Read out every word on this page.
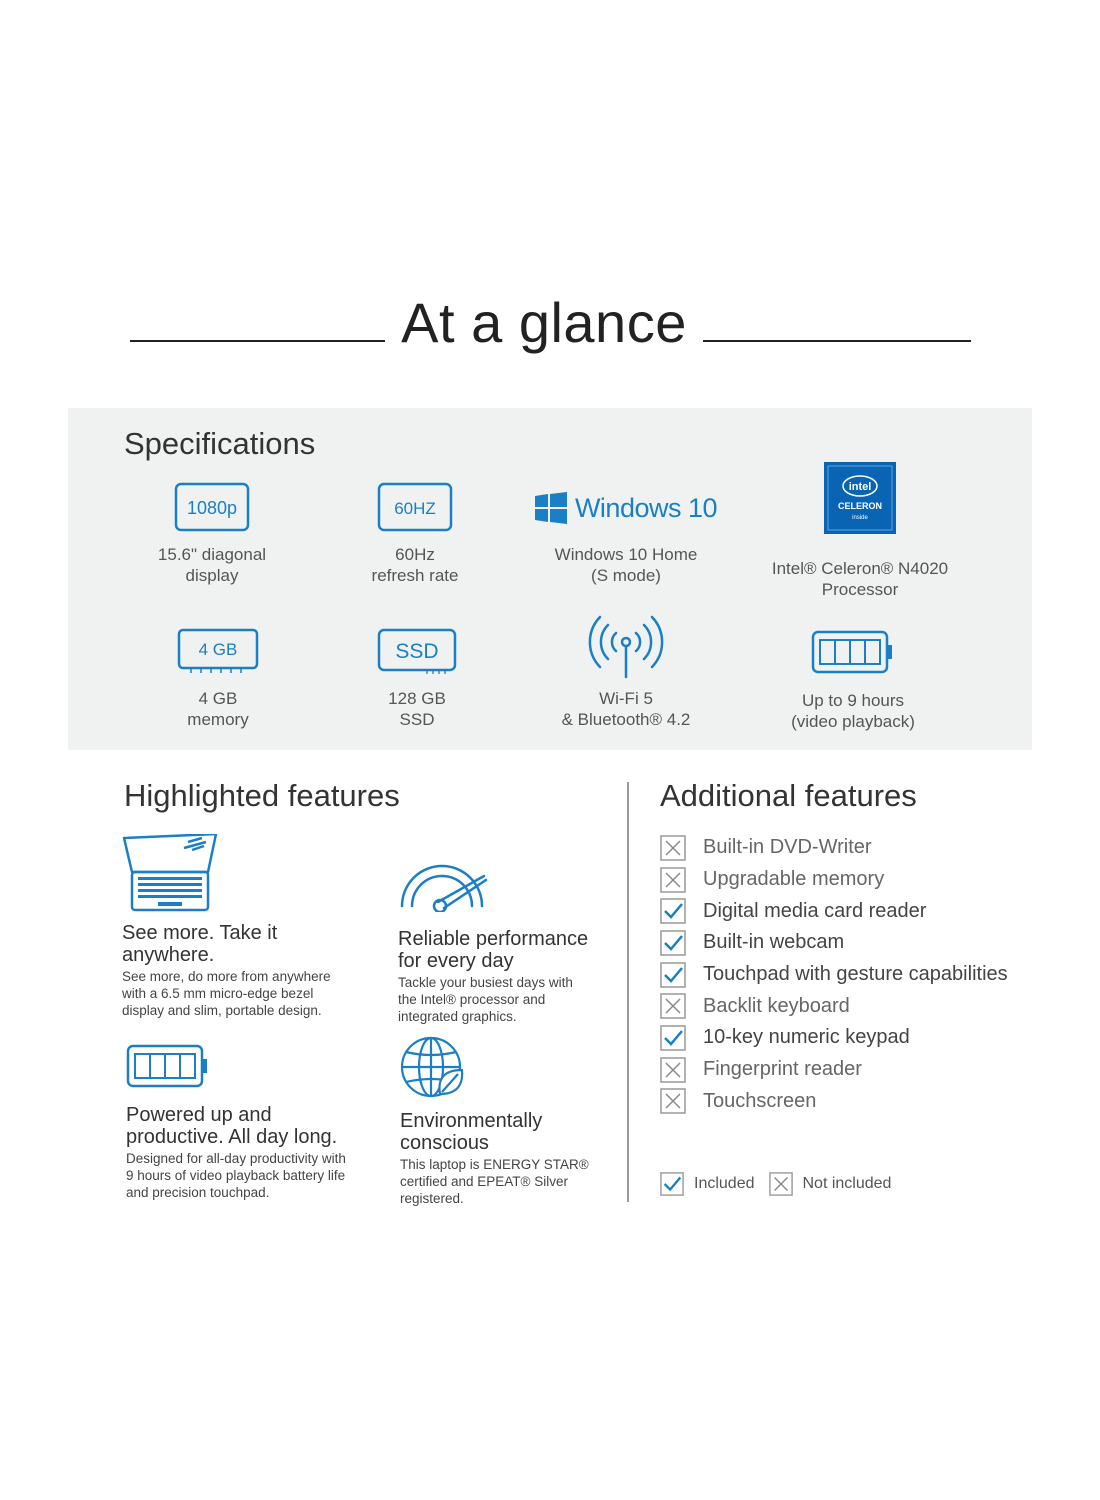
At a glance
Specifications
1080p
15.6" diagonal
display
60HZ
60Hz
refresh rate
Windows 10
Windows 10 Home
(S mode)
intel
CELERON
inside
Intel® Celeron® N4020
Processor
4 GB
4 GB
memory
SSD
128 GB
SSD
Wi-Fi 5
& Bluetooth® 4.2
Up to 9 hours
(video playback)
Highlighted features
See more. Take it
anywhere.
See more, do more from anywhere
with a 6.5 mm micro-edge bezel
display and slim, portable design.
Reliable performance
for every day
Tackle your busiest days with
the Intel® processor and
integrated graphics.
Powered up and
productive. All day long.
Designed for all-day productivity with
9 hours of video playback battery life
and precision touchpad.
Environmentally
conscious
This laptop is ENERGY STAR®
certified and EPEAT® Silver
registered.
Additional features
Built-in DVD-Writer
Upgradable memory
Digital media card reader
Built-in webcam
Touchpad with gesture capabilities
Backlit keyboard
10-key numeric keypad
Fingerprint reader
Touchscreen
Included	Not included
